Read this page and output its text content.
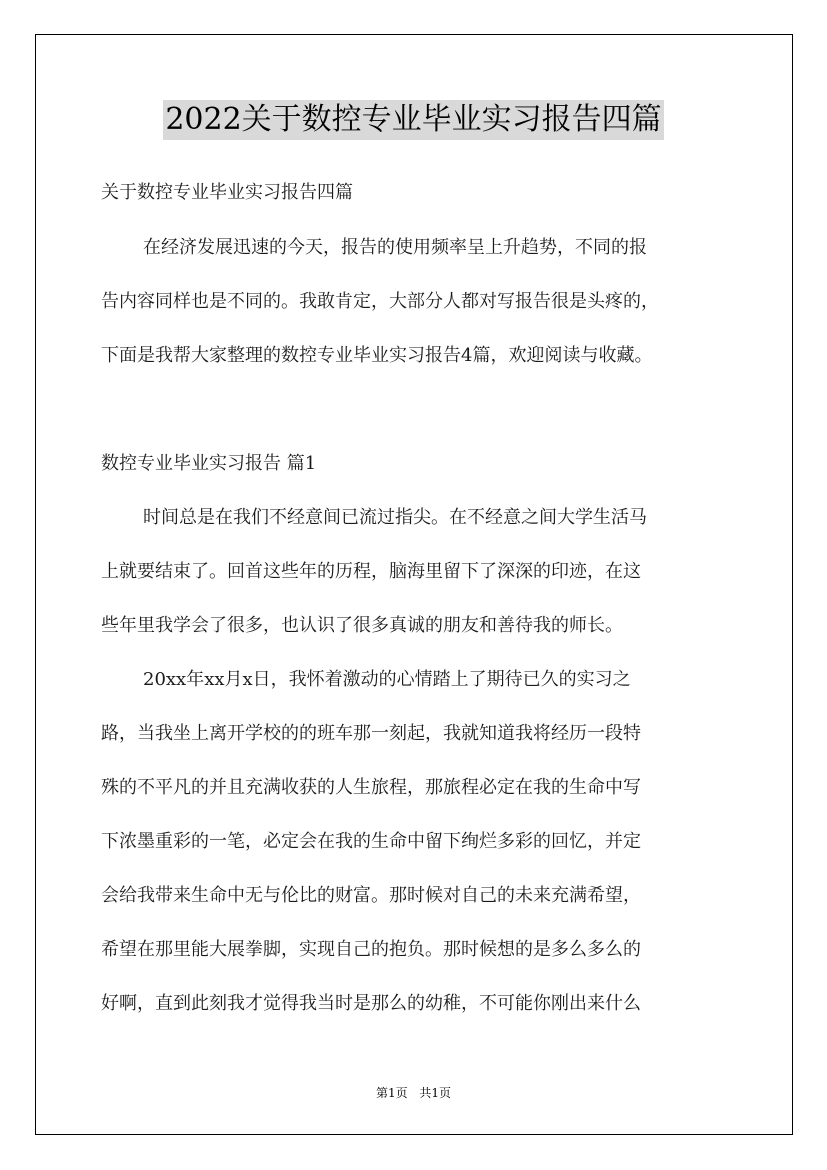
2022关于数控专业毕业实习报告四篇
关于数控专业毕业实习报告四篇
在经济发展迅速的今天，报告的使用频率呈上升趋势，不同的报
告内容同样也是不同的。我敢肯定，大部分人都对写报告很是头疼的，
下面是我帮大家整理的数控专业毕业实习报告4篇，欢迎阅读与收藏。
数控专业毕业实习报告 篇1
时间总是在我们不经意间已流过指尖。在不经意之间大学生活马
上就要结束了。回首这些年的历程，脑海里留下了深深的印迹，在这
些年里我学会了很多，也认识了很多真诚的朋友和善待我的师长。
20xx年xx月x日，我怀着激动的心情踏上了期待已久的实习之
路，当我坐上离开学校的的班车那一刻起，我就知道我将经历一段特
殊的不平凡的并且充满收获的人生旅程，那旅程必定在我的生命中写
下浓墨重彩的一笔，必定会在我的生命中留下绚烂多彩的回忆，并定
会给我带来生命中无与伦比的财富。那时候对自己的未来充满希望，
希望在那里能大展拳脚，实现自己的抱负。那时候想的是多么多么的
好啊，直到此刻我才觉得我当时是那么的幼稚，不可能你刚出来什么
第1页 共1页
